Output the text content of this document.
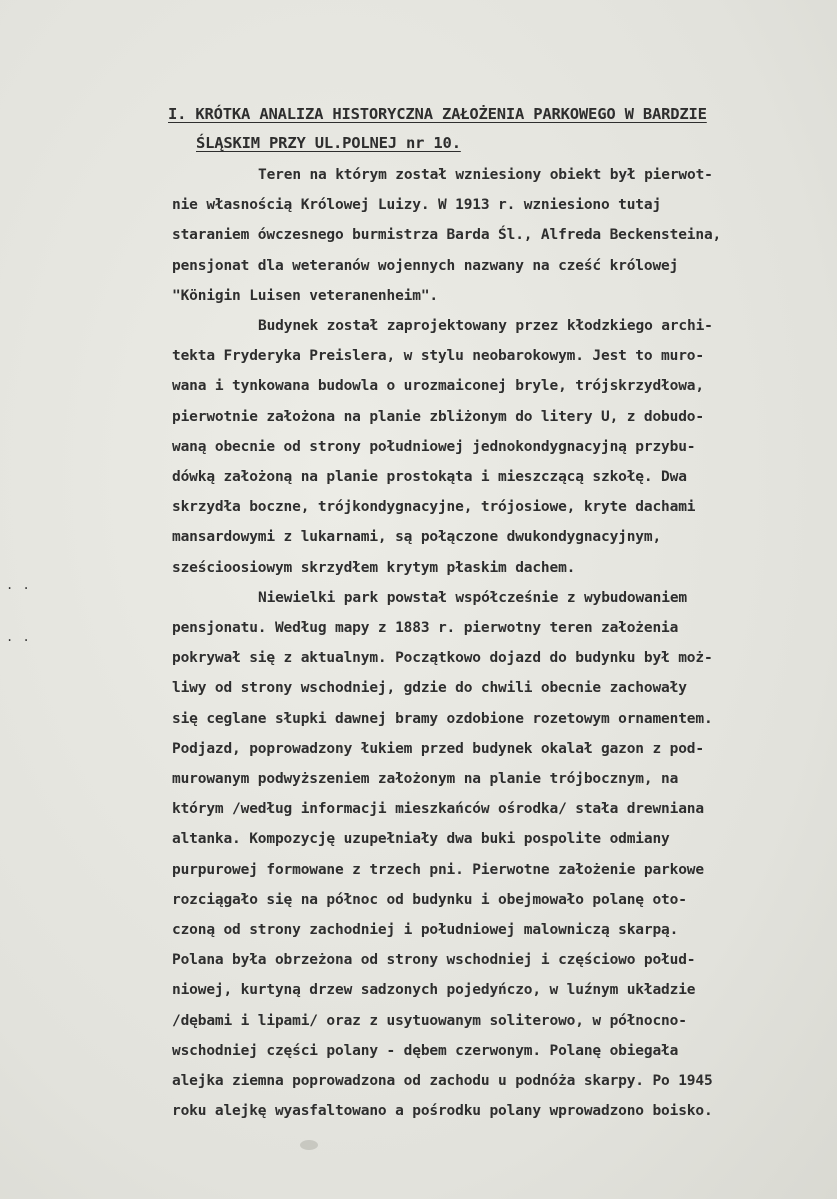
I. KRÓTKA ANALIZA HISTORYCZNA ZAŁOŻENIA PARKOWEGO W BARDZIE
ŚLĄSKIM PRZY UL.POLNEJ nr 10.
Teren na którym został wzniesiony obiekt był pierwot-
nie własnością Królowej Luizy. W 1913 r. wzniesiono tutaj
staraniem ówczesnego burmistrza Barda Śl., Alfreda Beckensteina,
pensjonat dla weteranów wojennych nazwany na cześć królowej
"Königin Luisen veteranenheim".
Budynek został zaprojektowany przez kłodzkiego archi-
tekta Fryderyka Preislera, w stylu neobarokowym. Jest to muro-
wana i tynkowana budowla o urozmaiconej bryle, trójskrzydłowa,
pierwotnie założona na planie zbliżonym do litery U, z dobudo-
waną obecnie od strony południowej jednokondygnacyjną przybu-
dówką założoną na planie prostokąta i mieszczącą szkołę. Dwa
skrzydła boczne, trójkondygnacyjne, trójosiowe, kryte dachami
mansardowymi z lukarnami, są połączone dwukondygnacyjnym,
sześcioosiowym skrzydłem krytym płaskim dachem.
Niewielki park powstał współcześnie z wybudowaniem
pensjonatu. Według mapy z 1883 r. pierwotny teren założenia
pokrywał się z aktualnym. Początkowo dojazd do budynku był moż-
liwy od strony wschodniej, gdzie do chwili obecnie zachowały
się ceglane słupki dawnej bramy ozdobione rozetowym ornamentem.
Podjazd, poprowadzony łukiem przed budynek okalał gazon z pod-
murowanym podwyższeniem założonym na planie trójbocznym, na
którym /według informacji mieszkańców ośrodka/ stała drewniana
altanka. Kompozycję uzupełniały dwa buki pospolite odmiany
purpurowej formowane z trzech pni. Pierwotne założenie parkowe
rozciągało się na północ od budynku i obejmowało polanę oto-
czoną od strony zachodniej i południowej malowniczą skarpą.
Polana była obrzeżona od strony wschodniej i częściowo połud-
niowej, kurtyną drzew sadzonych pojedyńczo, w luźnym układzie
/dębami i lipami/ oraz z usytuowanym soliterowo, w północno-
wschodniej części polany - dębem czerwonym. Polanę obiegała
alejka ziemna poprowadzona od zachodu u podnóża skarpy. Po 1945
roku alejkę wyasfaltowano a pośrodku polany wprowadzono boisko.
. .
. .
